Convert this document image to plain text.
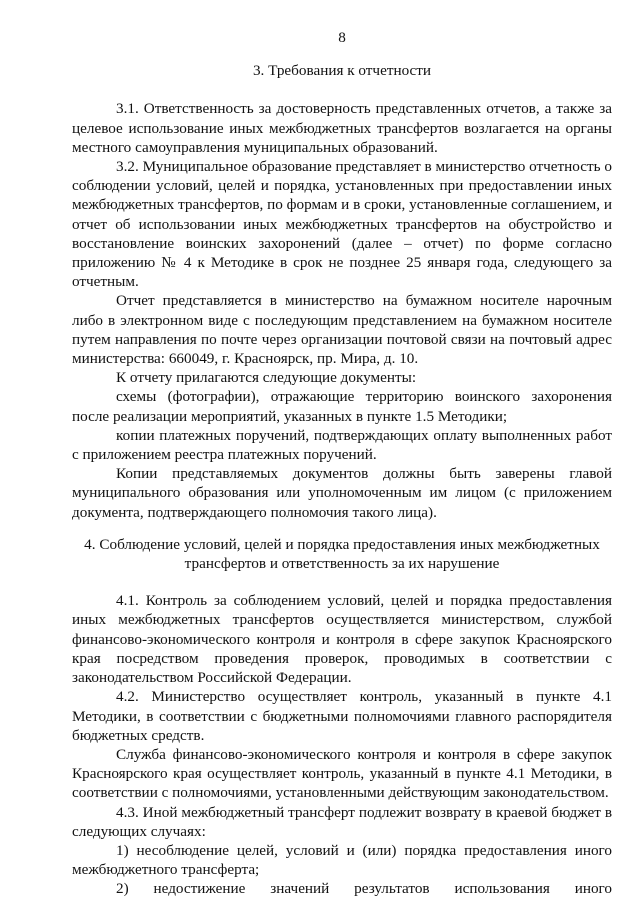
8
3. Требования к отчетности

3.1. Ответственность за достоверность представленных отчетов, а также за целевое использование иных межбюджетных трансфертов возлагается на органы местного самоуправления муниципальных образований.

3.2. Муниципальное образование представляет в министерство отчетность о соблюдении условий, целей и порядка, установленных при предоставлении иных межбюджетных трансфертов, по формам и в сроки, установленные соглашением, и отчет об использовании иных межбюджетных трансфертов на обустройство и восстановление воинских захоронений (далее – отчет) по форме согласно приложению № 4 к Методике в срок не позднее 25 января года, следующего за отчетным.

Отчет представляется в министерство на бумажном носителе нарочным либо в электронном виде с последующим представлением на бумажном носителе путем направления по почте через организации почтовой связи на почтовый адрес министерства: 660049, г. Красноярск, пр. Мира, д. 10.

К отчету прилагаются следующие документы:

схемы (фотографии), отражающие территорию воинского захоронения после реализации мероприятий, указанных в пункте 1.5 Методики;

копии платежных поручений, подтверждающих оплату выполненных работ с приложением реестра платежных поручений.

Копии представляемых документов должны быть заверены главой муниципального образования или уполномоченным им лицом (с приложением документа, подтверждающего полномочия такого лица).

4. Соблюдение условий, целей и порядка предоставления иных межбюджетных
трансфертов и ответственность за их нарушение

4.1. Контроль за соблюдением условий, целей и порядка предоставления иных межбюджетных трансфертов осуществляется министерством, службой финансово-экономического контроля и контроля в сфере закупок Красноярского края посредством проведения проверок, проводимых в соответствии с законодательством Российской Федерации.

4.2. Министерство осуществляет контроль, указанный в пункте 4.1 Методики, в соответствии с бюджетными полномочиями главного распорядителя бюджетных средств.

Служба финансово-экономического контроля и контроля в сфере закупок Красноярского края осуществляет контроль, указанный в пункте 4.1 Методики, в соответствии с полномочиями, установленными действующим законодательством.

4.3. Иной межбюджетный трансферт подлежит возврату в краевой бюджет в следующих случаях:

1) несоблюдение целей, условий и (или) порядка предоставления иного межбюджетного трансферта;

2) недостижение значений результатов использования иного
